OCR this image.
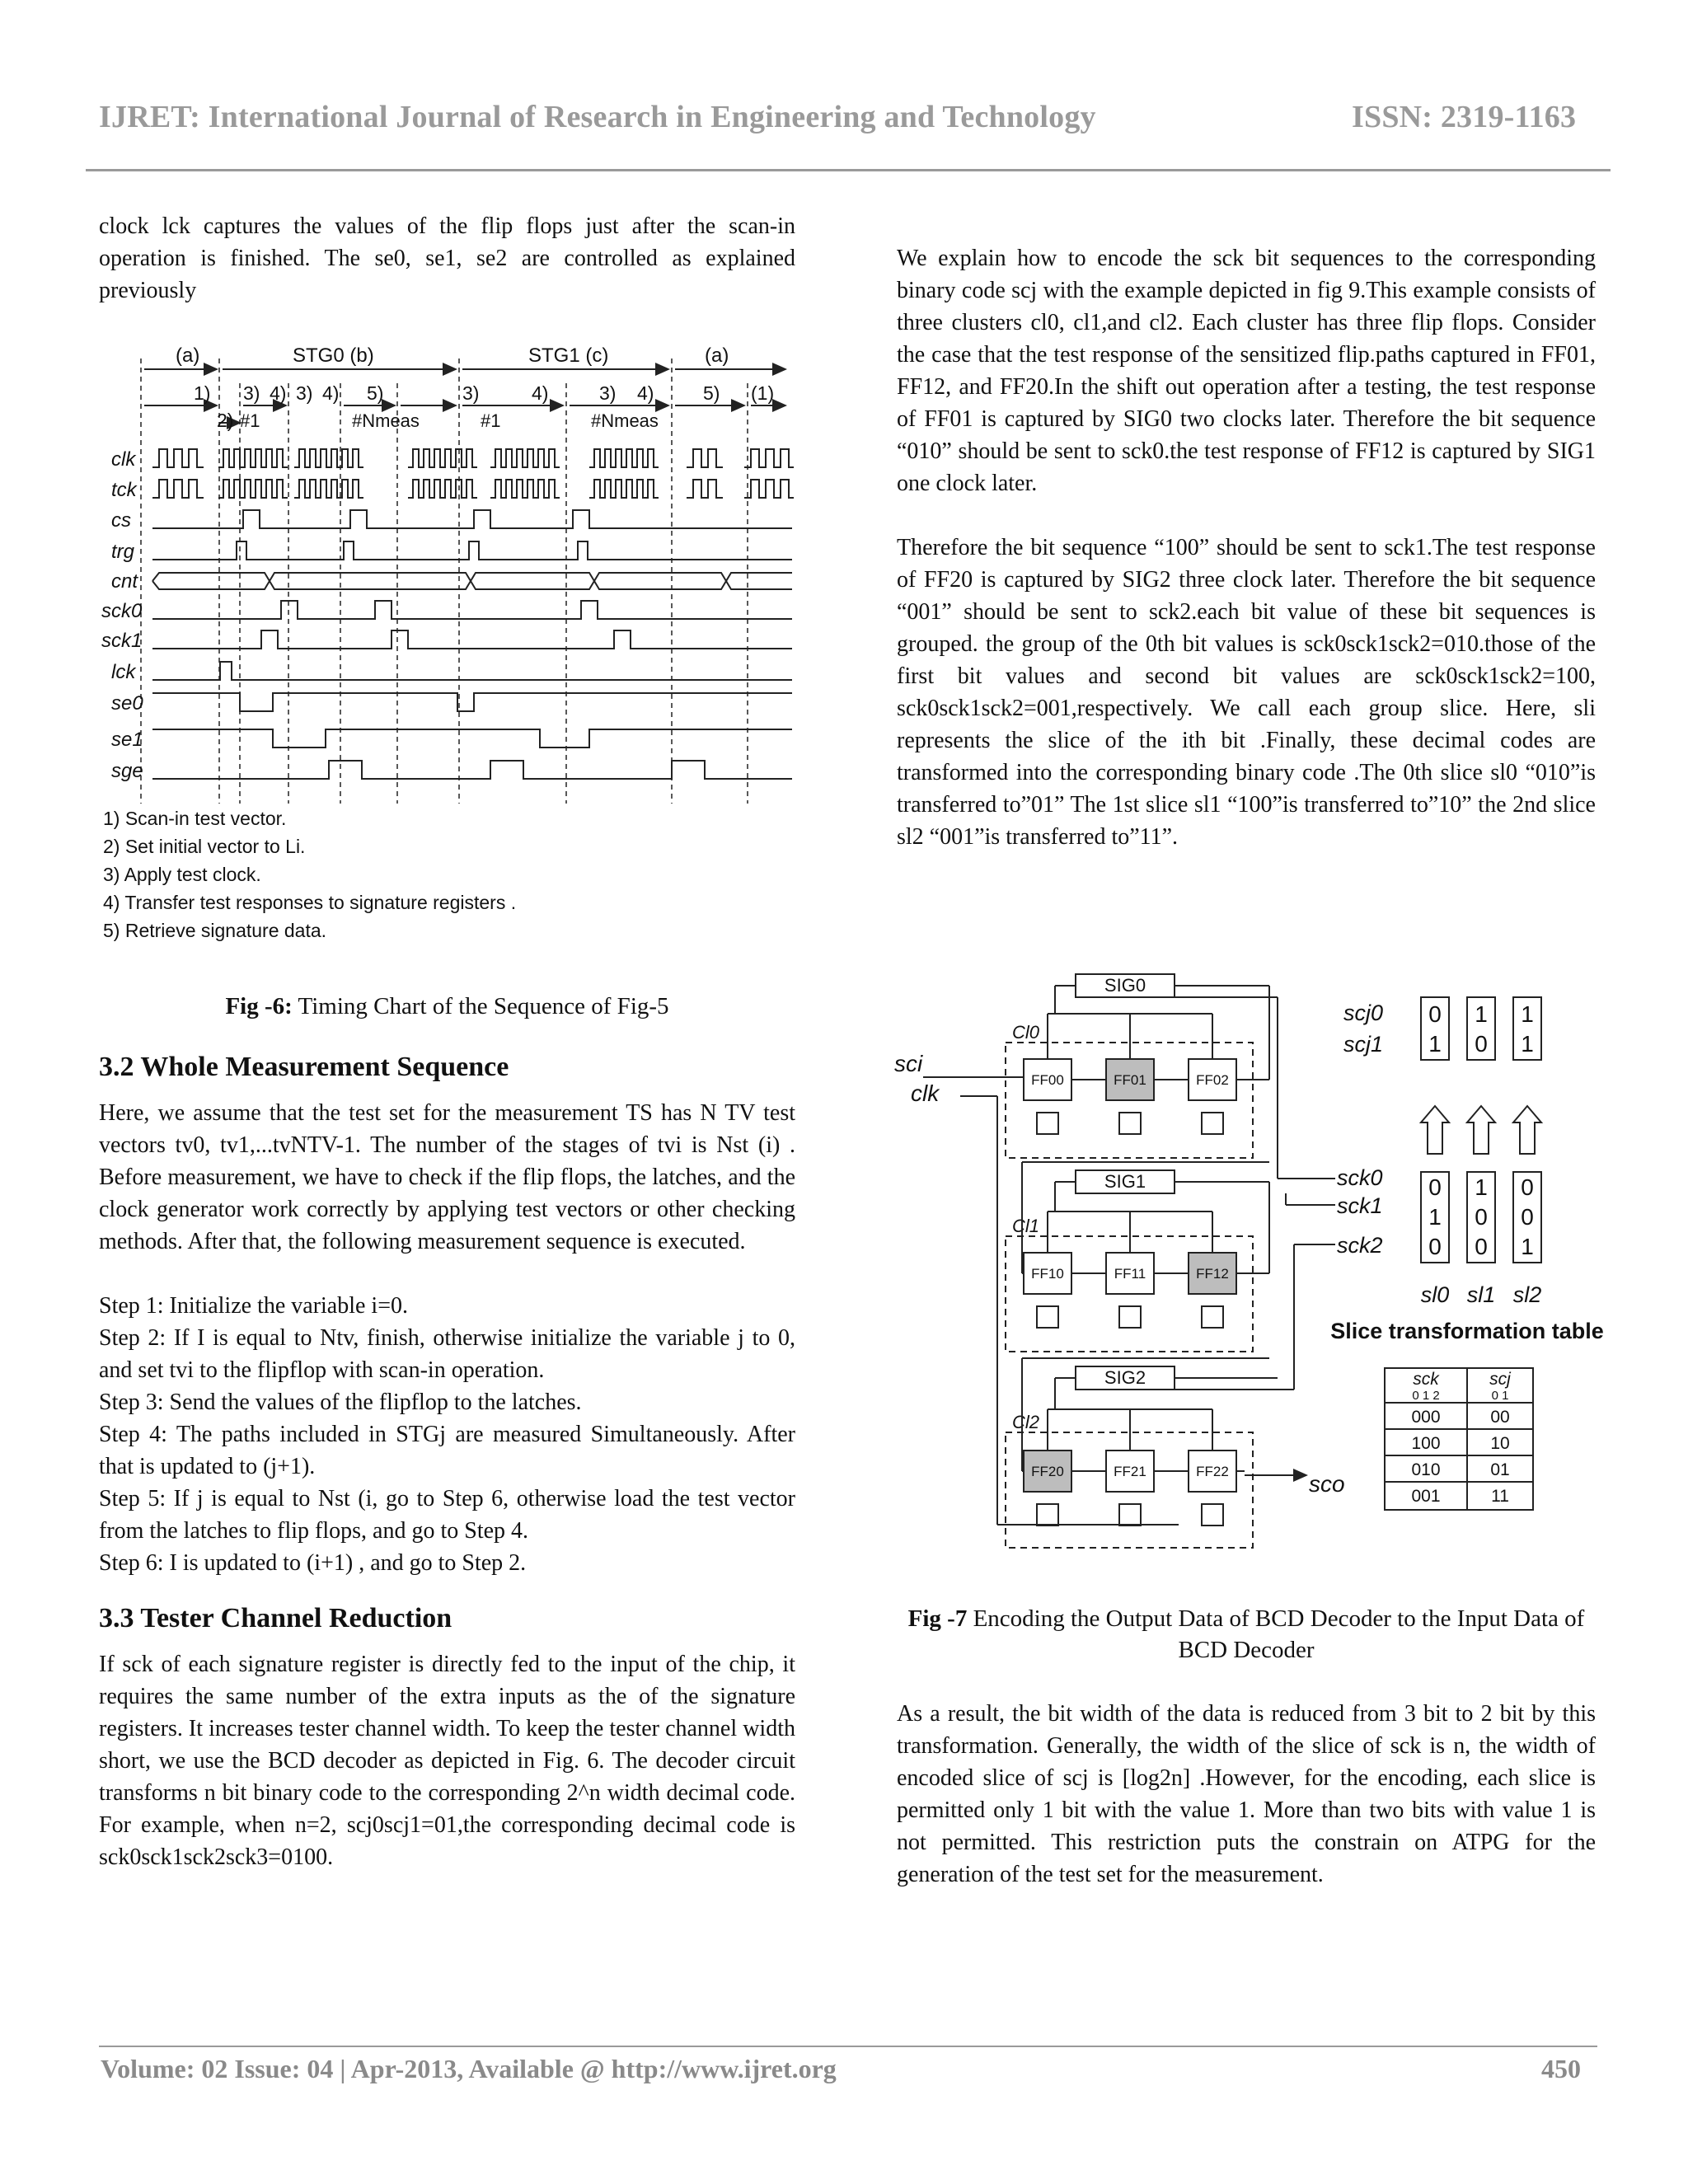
IJRET: International Journal of Research in Engineering and Technology	ISSN: 2319-1163

clock lck captures the values of the flip flops just after the scan-in operation is finished. The se0, se1, se2 are controlled as explained previously

(a)	STG0 (b)	STG1 (c)	(a)
1)
2)
3) 4) 3) 4) 5)	3)	4)	3) 4)	5) (1)
#1	#Nmeas	#1	#Nmeas
clk
tck
cs
trg
cnt
sck0
sck1
lck
se0
se1
sge
1) Scan-in test vector.
2) Set initial vector to Li.
3) Apply test clock.
4) Transfer test responses to signature registers .
5) Retrieve signature data.
Fig -6: Timing Chart of the Sequence of Fig-5
3.2 Whole Measurement Sequence

Here, we assume that the test set for the measurement TS has N TV test vectors tv0, tv1,...tvNTV-1. The number of the stages of tvi is Nst (i) . Before measurement, we have to check if the flip flops, the latches, and the clock generator work correctly by applying test vectors or other checking methods. After that, the following measurement sequence is executed.

Step 1: Initialize the variable i=0.

Step 2: If I is equal to Ntv, finish, otherwise initialize the variable j to 0, and set tvi to the flipflop with scan-in operation.

Step 3: Send the values of the flipflop to the latches.

Step 4: The paths included in STGj are measured Simultaneously. After that is updated to (j+1).

Step 5: If j is equal to Nst (i, go to Step 6, otherwise load the test vector from the latches to flip flops, and go to Step 4.

Step 6: I is updated to (i+1) , and go to Step 2.

3.3 Tester Channel Reduction

If sck of each signature register is directly fed to the input of the chip, it requires the same number of the extra inputs as the of the signature registers. It increases tester channel width. To keep the tester channel width short, we use the BCD decoder as depicted in Fig. 6. The decoder circuit transforms n bit binary code to the corresponding 2^n width decimal code. For example, when n=2, scj0scj1=01,the corresponding decimal code is sck0sck1sck2sck3=0100.

We explain how to encode the sck bit sequences to the corresponding binary code scj with the example depicted in fig 9.This example consists of three clusters cl0, cl1,and cl2. Each cluster has three flip flops. Consider the case that the test response of the sensitized flip.paths captured in FF01, FF12, and FF20.In the shift out operation after a testing, the test response of FF01 is captured by SIG0 two clocks later. Therefore the bit sequence “010” should be sent to sck0.the test response of FF12 is captured by SIG1 one clock later.

Therefore the bit sequence “100” should be sent to sck1.The test response of FF20 is captured by SIG2 three clock later. Therefore the bit sequence “001” should be sent to sck2.each bit value of these bit sequences is grouped. the group of the 0th bit values is sck0sck1sck2=010.those of the first bit values and second bit values are sck0sck1sck2=100, sck0sck1sck2=001,respectively. We call each group slice. Here, sli represents the slice of the ith bit .Finally, these decimal codes are transformed into the corresponding binary code .The 0th slice sl0 “010”is transferred to”01” The 1st slice sl1 “100”is transferred to”10” the 2nd slice sl2 “001”is transferred to”11”.

sci
clk
sco
SIG0
Cl0
FF00	FF01	FF02
SIG1
Cl1
FF10	FF11	FF12
SIG2
Cl2
FF20	FF21	FF22
sck0
sck1
sck2
scj0
scj1
0 1 1
1 0 1
0 1 0
1 0 0
0 0 1
sl0 sl1 sl2
Slice transformation table
sck	scj
0 1 2	0 1
000	00
100	10
010	01
001	11
Fig -7 Encoding the Output Data of BCD Decoder to the Input Data of BCD Decoder

As a result, the bit width of the data is reduced from 3 bit to 2 bit by this transformation. Generally, the width of the slice of sck is n, the width of encoded slice of scj is [log2n] .However, for the encoding, each slice is permitted only 1 bit with the value 1. More than two bits with value 1 is not permitted. This restriction puts the constrain on ATPG for the generation of the test set for the measurement.

Volume: 02 Issue: 04 | Apr-2013, Available @ http://www.ijret.org	450
